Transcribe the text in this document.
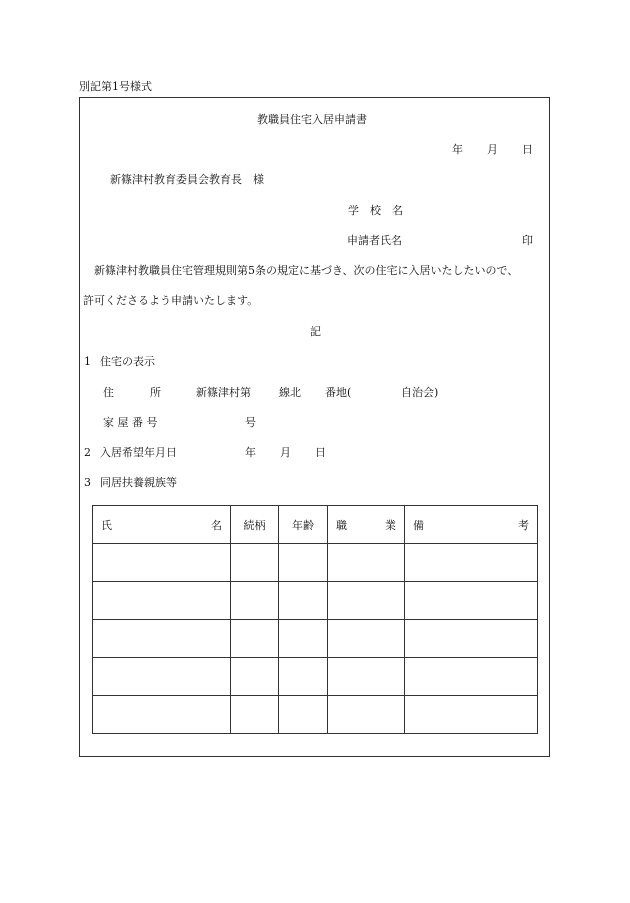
別記第1号様式
教職員住宅入居申請書
年 月 日
新篠津村教育委員会教育長　様
学　校　名
申請者氏名	印
新篠津村教職員住宅管理規則第5条の規定に基づき、次の住宅に入居いたしたいので、
許可くださるよう申請いたします。
記
1 住宅の表示
住	所	新篠津村第	線北 番地(	自治会)
家 屋 番 号	号
2 入居希望年月日	年 月 日
3 同居扶養親族等
氏 名	続柄	年齢	職 業	備 考
